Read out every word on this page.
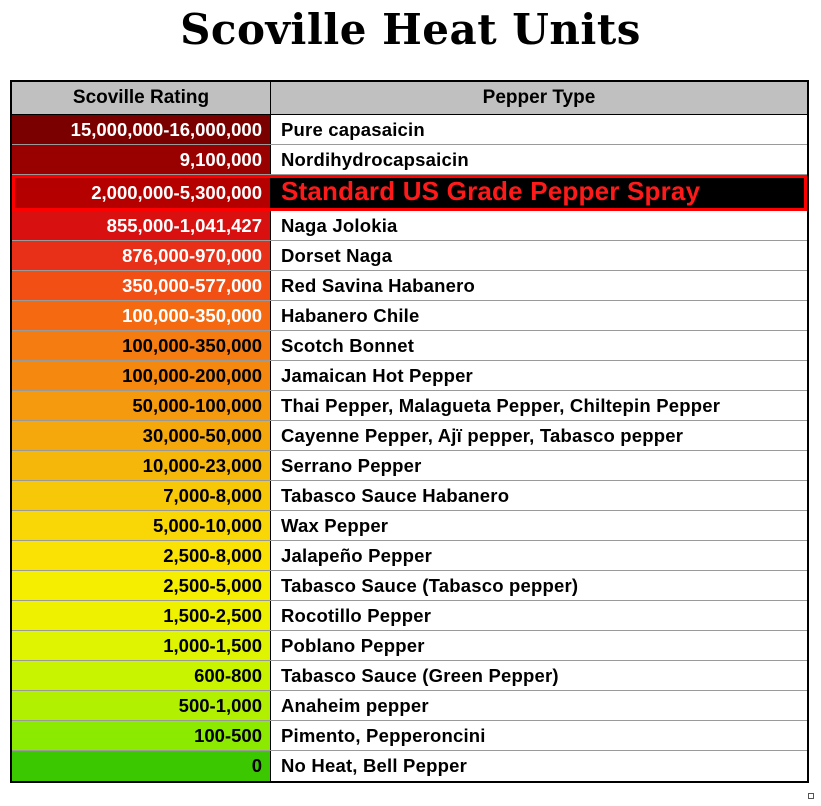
Scoville Heat Units
Scoville Rating	Pepper Type
15,000,000-16,000,000	Pure capasaicin
9,100,000	Nordihydrocapsaicin
2,000,000-5,300,000 Standard US Grade Pepper Spray
855,000-1,041,427	Naga Jolokia
876,000-970,000	Dorset Naga
350,000-577,000	Red Savina Habanero
100,000-350,000	Habanero Chile
100,000-350,000	Scotch Bonnet
100,000-200,000	Jamaican Hot Pepper
50,000-100,000	Thai Pepper, Malagueta Pepper, Chiltepin Pepper
30,000-50,000	Cayenne Pepper, Ajï pepper, Tabasco pepper
10,000-23,000	Serrano Pepper
7,000-8,000	Tabasco Sauce Habanero
5,000-10,000	Wax Pepper
2,500-8,000	Jalapeño Pepper
2,500-5,000	Tabasco Sauce (Tabasco pepper)
1,500-2,500	Rocotillo Pepper
1,000-1,500	Poblano Pepper
600-800	Tabasco Sauce (Green Pepper)
500-1,000	Anaheim pepper
100-500	Pimento, Pepperoncini
0	No Heat, Bell Pepper
